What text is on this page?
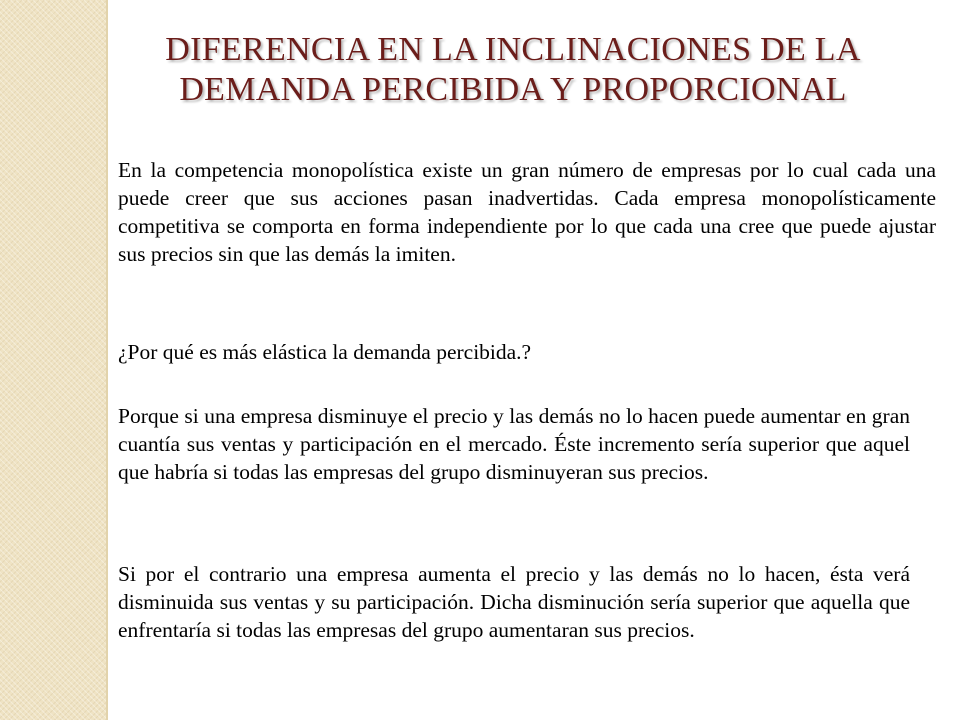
DIFERENCIA EN LA INCLINACIONES DE LA
DEMANDA PERCIBIDA Y PROPORCIONAL

En la competencia monopolística existe un gran número de empresas por lo cual cada una puede creer que sus acciones pasan inadvertidas. Cada empresa monopolísticamente competitiva se comporta en forma independiente por lo que cada una cree que puede ajustar sus precios sin que las demás la imiten.

¿Por qué es más elástica la demanda percibida.?

Porque si una empresa disminuye el precio y las demás no lo hacen puede aumentar en gran cuantía sus ventas y participación en el mercado. Éste incremento sería superior que aquel que habría si todas las empresas del grupo disminuyeran sus precios.

Si por el contrario una empresa aumenta el precio y las demás no lo hacen, ésta verá disminuida sus ventas y su participación. Dicha disminución sería superior que aquella que enfrentaría si todas las empresas del grupo aumentaran sus precios.
